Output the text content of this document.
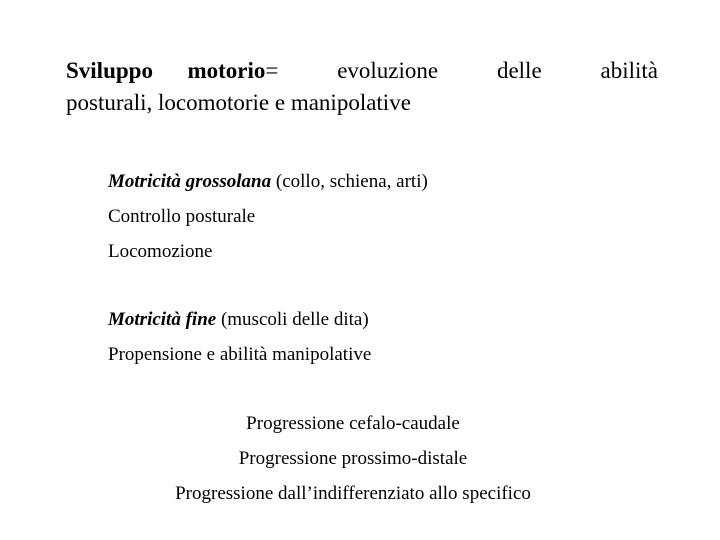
Sviluppo   motorio= evoluzione delle abilità
posturali, locomotorie e manipolative
Motricità grossolana (collo, schiena, arti)
Controllo posturale
Locomozione
Motricità fine (muscoli delle dita)
Propensione e abilità manipolative
Progressione cefalo-caudale
Progressione prossimo-distale
Progressione dall’indifferenziato allo specifico
